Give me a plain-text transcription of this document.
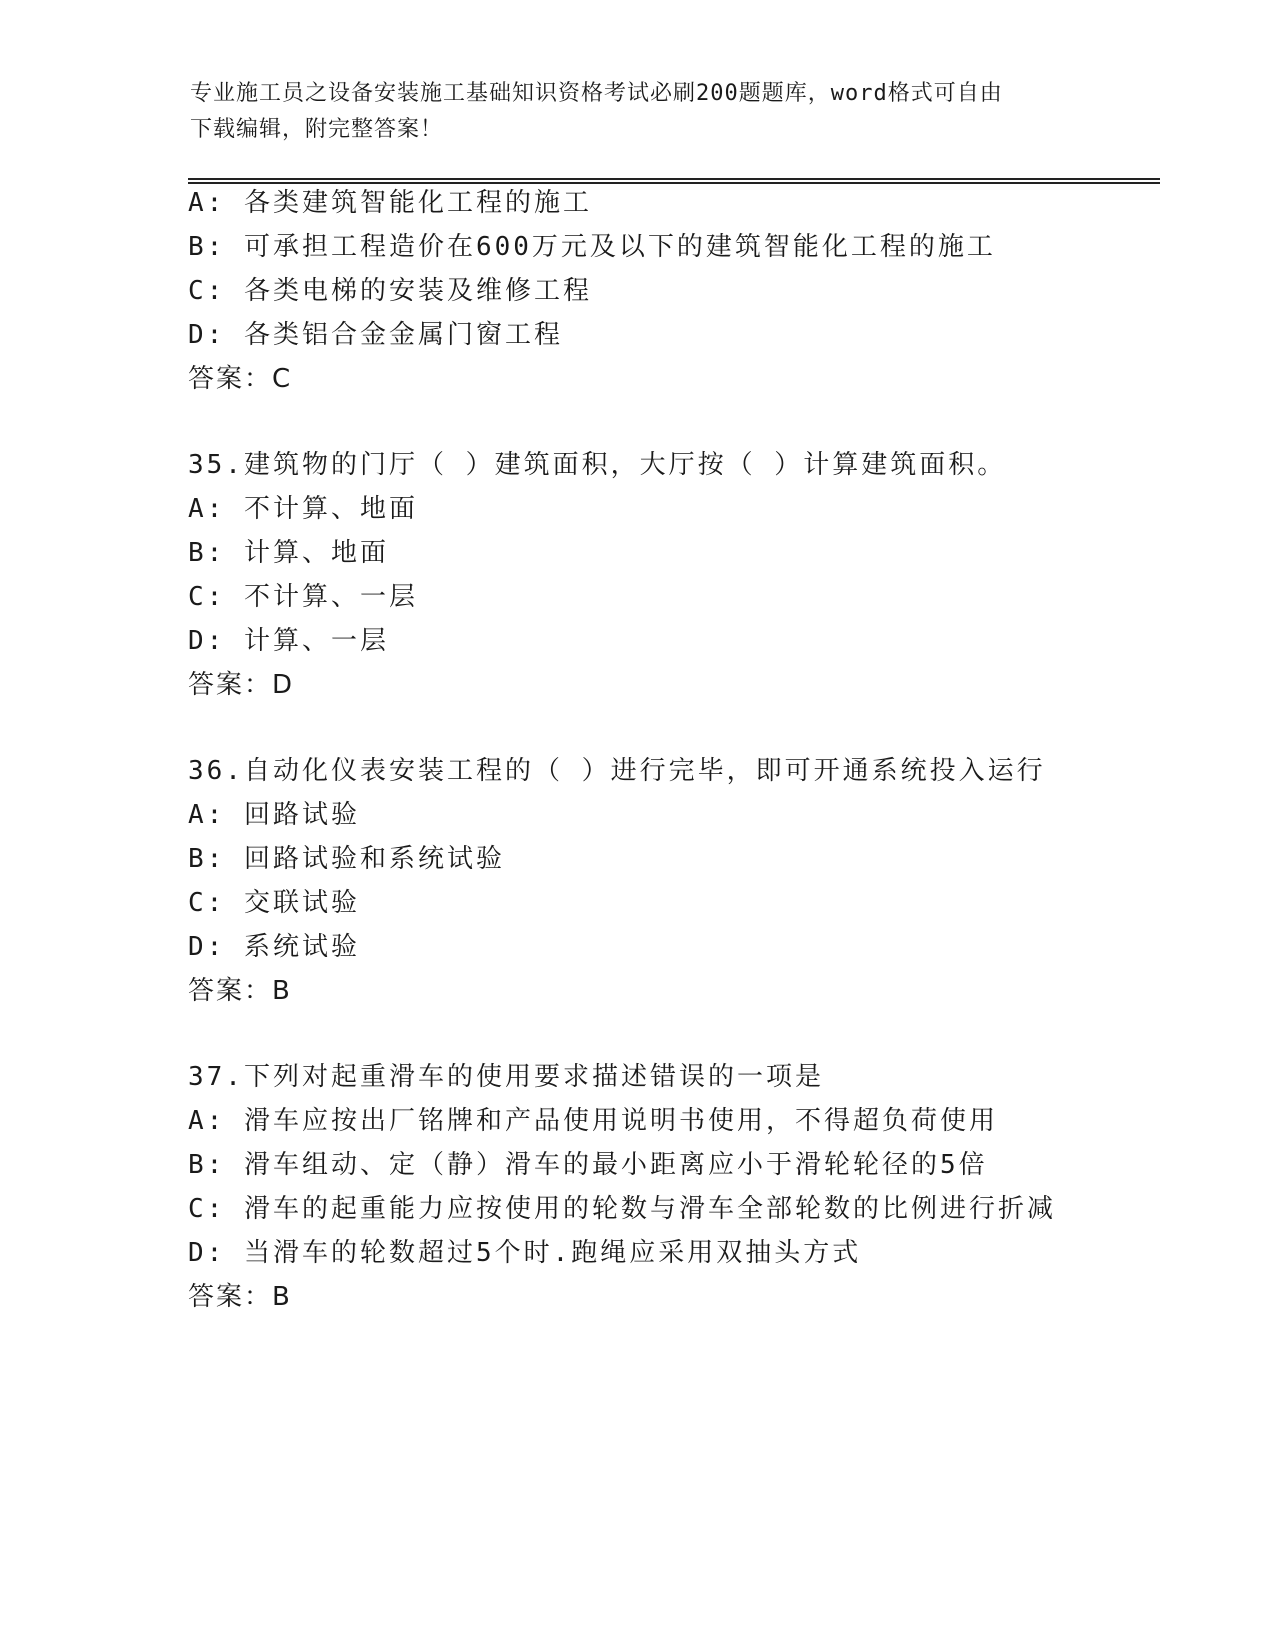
专业施工员之设备安装施工基础知识资格考试必刷200题题库，word格式可自由
下载编辑，附完整答案！
A: 各类建筑智能化工程的施工
B: 可承担工程造价在600万元及以下的建筑智能化工程的施工
C: 各类电梯的安装及维修工程
D: 各类铝合金金属门窗工程
答案：C
35.建筑物的门厅（ ）建筑面积，大厅按（ ）计算建筑面积。
A: 不计算、地面
B: 计算、地面
C: 不计算、一层
D: 计算、一层
答案：D
36.自动化仪表安装工程的（ ）进行完毕，即可开通系统投入运行
A: 回路试验
B: 回路试验和系统试验
C: 交联试验
D: 系统试验
答案：B
37.下列对起重滑车的使用要求描述错误的一项是
A: 滑车应按出厂铭牌和产品使用说明书使用，不得超负荷使用
B: 滑车组动、定（静）滑车的最小距离应小于滑轮轮径的5倍
C: 滑车的起重能力应按使用的轮数与滑车全部轮数的比例进行折减
D: 当滑车的轮数超过5个时.跑绳应采用双抽头方式
答案：B
